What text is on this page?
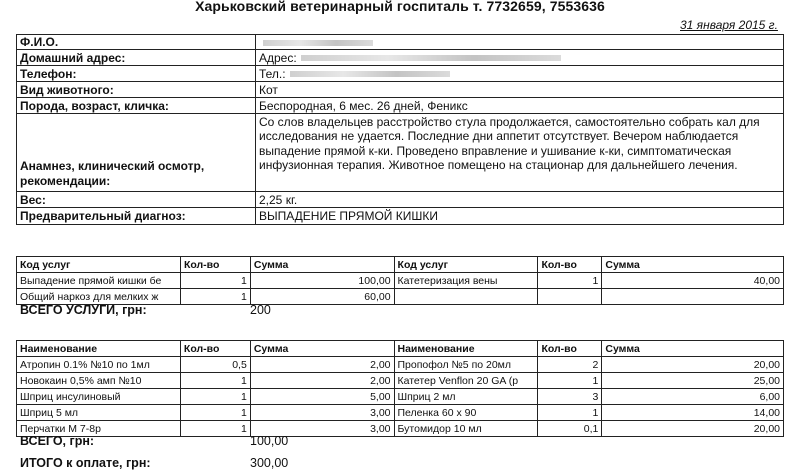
Харьковский ветеринарный госпиталь т. 7732659, 7553636
31 января 2015 г.
Ф.И.О.	
Домашний адрес:	Адрес:
Телефон:	Тел.:
Вид животного:	Кот
Порода, возраст, кличка:	Беспородная, 6 мес. 26 дней, Феникс
Анамнез, клинический осмотр, рекомендации:	Со слов владельцев расстройство стула продолжается, самостоятельно собрать кал для исследования не удается. Последние дни аппетит отсутствует. Вечером наблюдается выпадение прямой к-ки. Проведено вправление и ушивание к-ки, симптоматическая инфузионная терапия. Животное помещено на стационар для дальнейшего лечения.
Вес:	2,25 кг.
Предварительный диагноз:	ВЫПАДЕНИЕ ПРЯМОЙ КИШКИ
Код услуг	Кол-во	Сумма	Код услуг	Кол-во	Сумма
Выпадение прямой кишки бе	1	100,00	Катетеризация вены	1	40,00
Общий наркоз для мелких ж	1	60,00			
ВСЕГО УСЛУГИ, грн:	200
Наименование	Кол-во	Сумма	Наименование	Кол-во	Сумма
Атропин 0.1% №10 по 1мл	0,5	2,00	Пропофол №5 по 20мл	2	20,00
Новокаин 0,5% амп №10	1	2,00	Катетер Venflon 20 GA (р	1	25,00
Шприц инсулиновый	1	5,00	Шприц 2 мл	3	6,00
Шприц 5 мл	1	3,00	Пеленка 60 х 90	1	14,00
Перчатки М 7-8р	1	3,00	Бутомидор 10 мл	0,1	20,00
ВСЕГО, грн:	100,00
ИТОГО к оплате, грн:	300,00
